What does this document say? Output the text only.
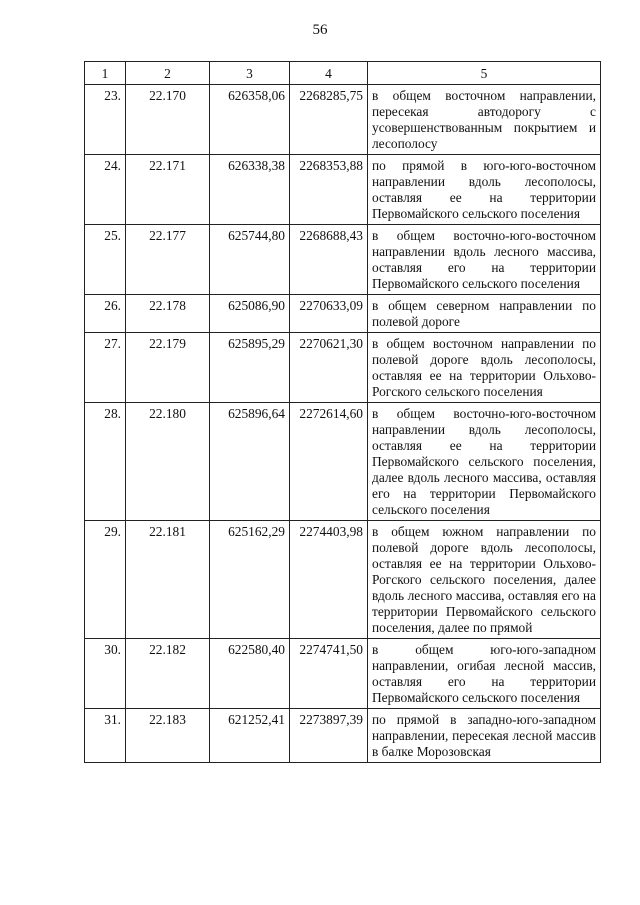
56
1	2	3	4	5
23.	22.170	626358,06	2268285,75	в общем восточном направлении, пересекая автодорогу с усовершенствованным покрытием и лесополосу
24.	22.171	626338,38	2268353,88	по прямой в юго-юго-восточном направлении вдоль лесополосы, оставляя ее на территории Первомайского сельского поселения
25.	22.177	625744,80	2268688,43	в общем восточно-юго-восточном направлении вдоль лесного массива, оставляя его на территории Первомайского сельского поселения
26.	22.178	625086,90	2270633,09	в общем северном направлении по полевой дороге
27.	22.179	625895,29	2270621,30	в общем восточном направлении по полевой дороге вдоль лесополосы, оставляя ее на территории Ольхово-Рогского сельского поселения
28.	22.180	625896,64	2272614,60	в общем восточно-юго-восточном направлении вдоль лесополосы, оставляя ее на территории Первомайского сельского поселения, далее вдоль лесного массива, оставляя его на территории Первомайского сельского поселения
29.	22.181	625162,29	2274403,98	в общем южном направлении по полевой дороге вдоль лесополосы, оставляя ее на территории Ольхово-Рогского сельского поселения, далее вдоль лесного массива, оставляя его на территории Первомайского сельского поселения, далее по прямой
30.	22.182	622580,40	2274741,50	в общем юго-юго-западном направлении, огибая лесной массив, оставляя его на территории Первомайского сельского поселения
31.	22.183	621252,41	2273897,39	по прямой в западно-юго-западном направлении, пересекая лесной массив в балке Морозовская
